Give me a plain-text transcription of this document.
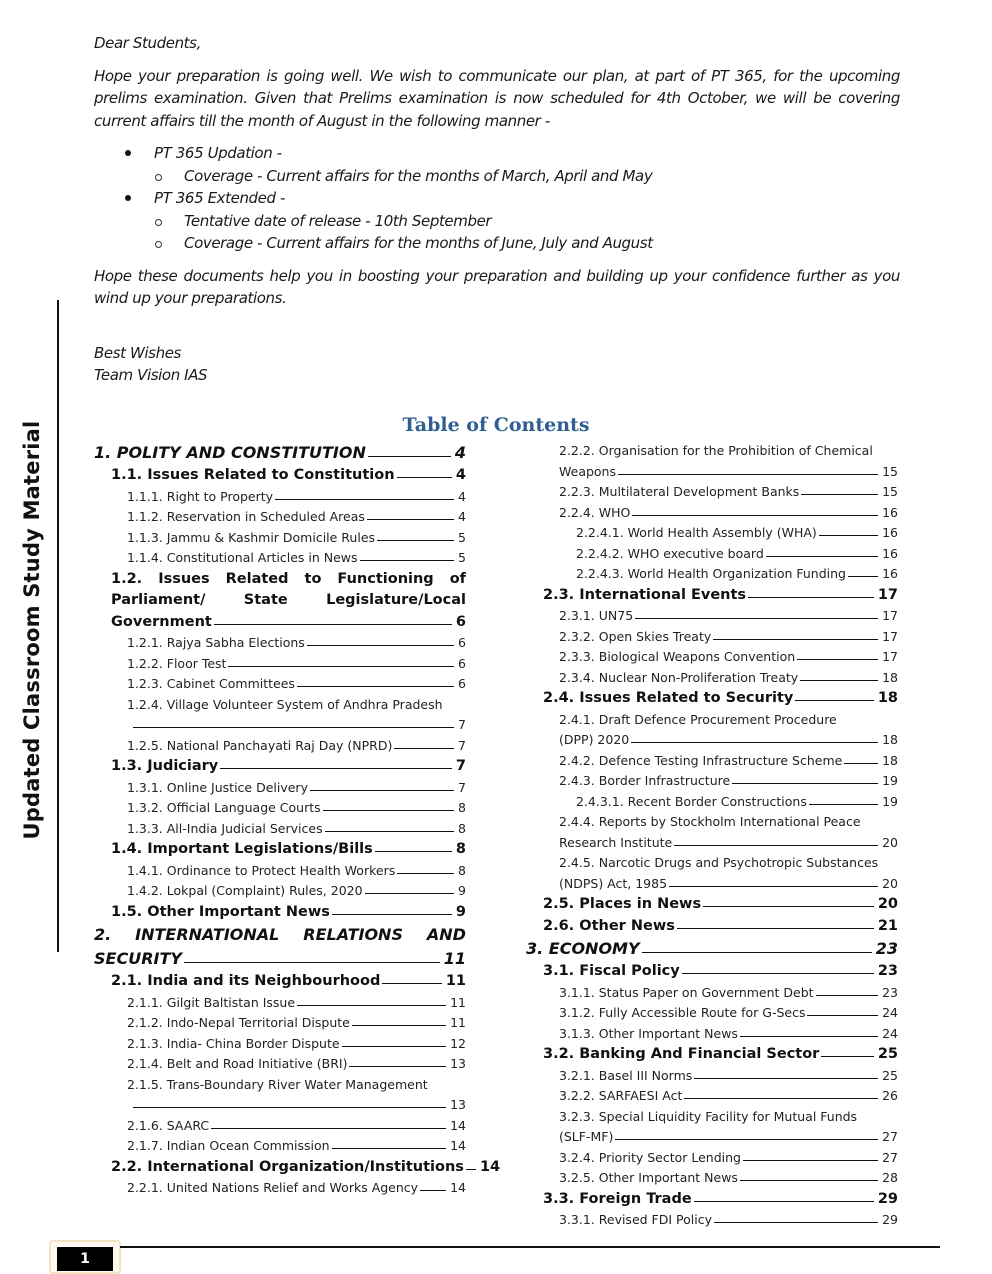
Dear Students,

Hope your preparation is going well. We wish to communicate our plan, at part of PT 365, for the upcoming prelims examination. Given that Prelims examination is now scheduled for 4th October, we will be covering current affairs till the month of August in the following manner -

PT 365 Updation -
Coverage - Current affairs for the months of March, April and May
PT 365 Extended -
Tentative date of release - 10th September
Coverage - Current affairs for the months of June, July and August

Hope these documents help you in boosting your preparation and building up your confidence further as you wind up your preparations.

Best Wishes

Team Vision IAS

Updated Classroom Study Material	Table of Contents
1. POLITY AND CONSTITUTION	4
1.1. Issues Related to Constitution	4
1.1.1. Right to Property	4
1.1.2. Reservation in Scheduled Areas	4
1.1.3. Jammu & Kashmir Domicile Rules	5
1.1.4. Constitutional Articles in News	5
1.2. Issues Related to Functioning of
Parliament/	State	Legislature/Local
Government	6
1.2.1. Rajya Sabha Elections	6
1.2.2. Floor Test	6
1.2.3. Cabinet Committees	6
1.2.4. Village Volunteer System of Andhra Pradesh
7
1.2.5. National Panchayati Raj Day (NPRD)	7
1.3. Judiciary	7
1.3.1. Online Justice Delivery	7
1.3.2. Official Language Courts	8
1.3.3. All-India Judicial Services	8
1.4. Important Legislations/Bills	8
1.4.1. Ordinance to Protect Health Workers	8
1.4.2. Lokpal (Complaint) Rules, 2020	9
1.5. Other Important News	9
2. INTERNATIONAL RELATIONS AND
SECURITY	11
2.1. India and its Neighbourhood	11
2.1.1. Gilgit Baltistan Issue	11
2.1.2. Indo-Nepal Territorial Dispute	11
2.1.3. India- China Border Dispute	12
2.1.4. Belt and Road Initiative (BRI)	13
2.1.5. Trans-Boundary River Water Management
13
2.1.6. SAARC	14
2.1.7. Indian Ocean Commission	14
2.2. International Organization/Institutions 14
2.2.1. United Nations Relief and Works Agency	14
2.2.2. Organisation for the Prohibition of Chemical
Weapons	15
2.2.3. Multilateral Development Banks	15
2.2.4. WHO	16
2.2.4.1. World Health Assembly (WHA)	16
2.2.4.2. WHO executive board	16
2.2.4.3. World Health Organization Funding	16
2.3. International Events	17
2.3.1. UN75	17
2.3.2. Open Skies Treaty	17
2.3.3. Biological Weapons Convention	17
2.3.4. Nuclear Non-Proliferation Treaty	18
2.4. Issues Related to Security	18
2.4.1. Draft Defence Procurement Procedure
(DPP) 2020	18
2.4.2. Defence Testing Infrastructure Scheme	18
2.4.3. Border Infrastructure	19
2.4.3.1. Recent Border Constructions	19
2.4.4. Reports by Stockholm International Peace
Research Institute	20
2.4.5. Narcotic Drugs and Psychotropic Substances
(NDPS) Act, 1985	20
2.5. Places in News	20
2.6. Other News	21
3. ECONOMY	23
3.1. Fiscal Policy	23
3.1.1. Status Paper on Government Debt	23
3.1.2. Fully Accessible Route for G-Secs	24
3.1.3. Other Important News	24
3.2. Banking And Financial Sector	25
3.2.1. Basel III Norms	25
3.2.2. SARFAESI Act	26
3.2.3. Special Liquidity Facility for Mutual Funds
(SLF-MF)	27
3.2.4. Priority Sector Lending	27
3.2.5. Other Important News	28
3.3. Foreign Trade	29
3.3.1. Revised FDI Policy	29
1
